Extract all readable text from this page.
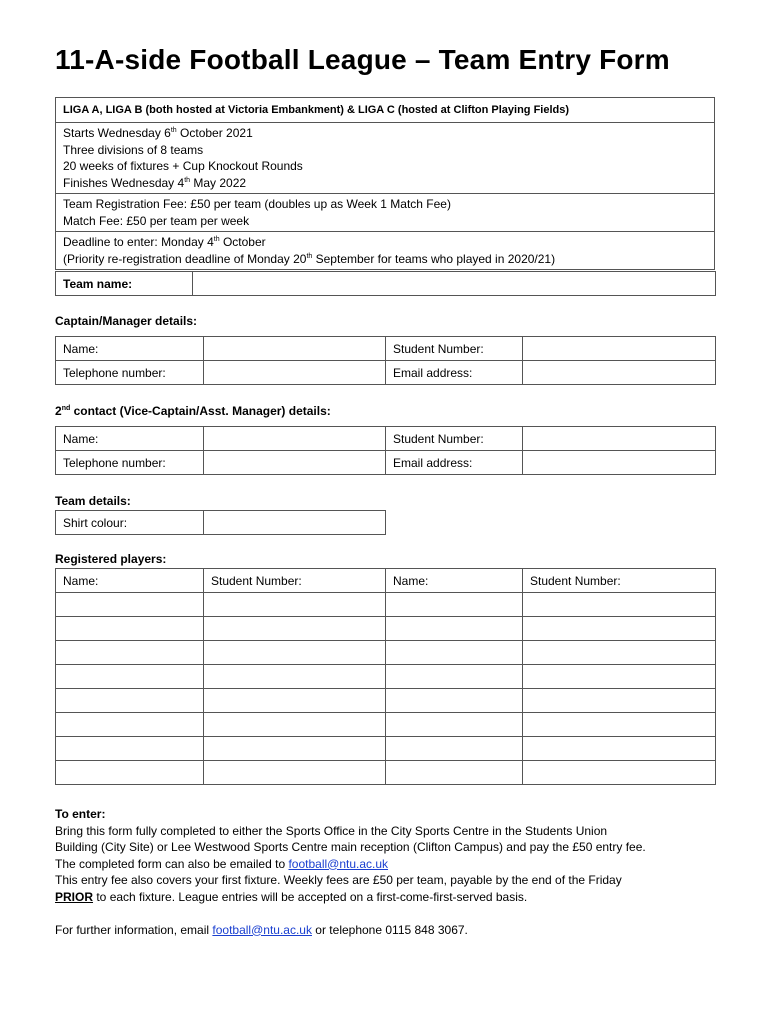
11-A-side Football League – Team Entry Form
LIGA A, LIGA B (both hosted at Victoria Embankment) & LIGA C (hosted at Clifton Playing Fields)

Starts Wednesday 6th October 2021
Three divisions of 8 teams
20 weeks of fixtures + Cup Knockout Rounds
Finishes Wednesday 4th May 2022

Team Registration Fee: £50 per team (doubles up as Week 1 Match Fee)
Match Fee: £50 per team per week

Deadline to enter: Monday 4th October
(Priority re-registration deadline of Monday 20th September for teams who played in 2020/21)
Team name:	
Captain/Manager details:
Name:		Student Number:	
Telephone number:		Email address:	
2nd contact (Vice-Captain/Asst. Manager) details:
Name:		Student Number:	
Telephone number:		Email address:	
Team details:
Shirt colour:	
Registered players:
Name:	Student Number:	Name:	Student Number:

To enter:
Bring this form fully completed to either the Sports Office in the City Sports Centre in the Students Union
Building (City Site) or Lee Westwood Sports Centre main reception (Clifton Campus) and pay the £50 entry fee.
The completed form can also be emailed to football@ntu.ac.uk
This entry fee also covers your first fixture. Weekly fees are £50 per team, payable by the end of the Friday
PRIOR to each fixture. League entries will be accepted on a first-come-first-served basis.

For further information, email football@ntu.ac.uk or telephone 0115 848 3067.
